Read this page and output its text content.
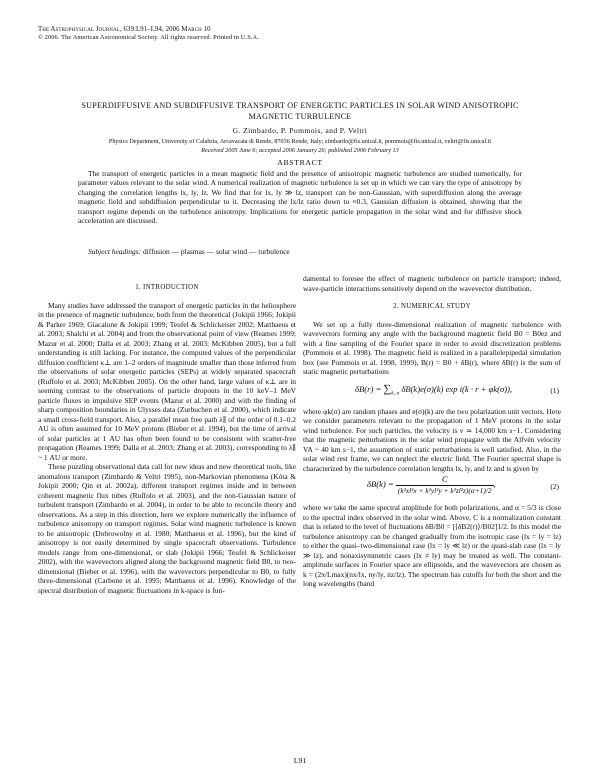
The Astrophysical Journal, 639:L91–L94, 2006 March 10
© 2006. The American Astronomical Society. All rights reserved. Printed in U.S.A.
SUPERDIFFUSIVE AND SUBDIFFUSIVE TRANSPORT OF ENERGETIC PARTICLES IN SOLAR WIND ANISOTROPIC
MAGNETIC TURBULENCE
G. Zimbardo, P. Pommois, and P. Veltri
Physics Department, University of Calabria, Arcavacata di Rende, 87036 Rende, Italy; zimbardo@fis.unical.it, pommois@fis.unical.it, veltri@fis.unical.it
Received 2005 June 6; accepted 2006 January 26; published 2006 February 13
ABSTRACT

The transport of energetic particles in a mean magnetic field and the presence of anisotropic magnetic turbulence are studied numerically, for parameter values relevant to the solar wind. A numerical realization of magnetic turbulence is set up in which we can vary the type of anisotropy by changing the correlation lengths lx, ly, lz. We find that for lx, ly ≫ lz, transport can be non-Gaussian, with superdiffusion along the average magnetic field and subdiffusion perpendicular to it. Decreasing the lx/lz ratio down to ≈0.3, Gaussian diffusion is obtained, showing that the transport regime depends on the turbulence anisotropy. Implications for energetic particle propagation in the solar wind and for diffusive shock acceleration are discussed.

Subject headings: diffusion — plasmas — solar wind — turbulence
1. INTRODUCTION

Many studies have addressed the transport of energetic particles in the heliosphere in the presence of magnetic turbulence, both from the theoretical (Jokipii 1966; Jokipii & Parker 1969; Giacalone & Jokipii 1999; Teufel & Schlickeiser 2002; Matthaeus et al. 2003; Shalchi et al. 2004) and from the observational point of view (Reames 1999; Mazur et al. 2000; Dalla et al. 2003; Zhang et al. 2003; McKibben 2005), but a full understanding is still lacking. For instance, the computed values of the perpendicular diffusion coefficient κ⊥ are 1–2 orders of magnitude smaller than those inferred from the observations of solar energetic particles (SEPs) at widely separated spacecraft (Ruffolo et al. 2003; McKibben 2005). On the other hand, large values of κ⊥ are in seeming contrast to the observations of particle dropouts in the 10 keV–1 MeV particle fluxes in impulsive SEP events (Mazur et al. 2000) and with the finding of sharp composition boundaries in Ulysses data (Zurbuchen et al. 2000), which indicate a small cross-field transport. Also, a parallel mean free path λ∥ of the order of 0.1–0.2 AU is often assumed for 10 MeV protons (Bieber et al. 1994), but the time of arrival of solar particles at 1 AU has often been found to be consistent with scatter-free propagation (Reames 1999; Dalla et al. 2003; Zhang et al. 2003), corresponding to λ∥ ~ 1 AU or more.

These puzzling observational data call for new ideas and new theoretical tools, like anomalous transport (Zimbardo & Veltri 1995), non-Markovian phenomena (Kóta & Jokipii 2000; Qin et al. 2002a), different transport regimes inside and in between coherent magnetic flux tubes (Ruffolo et al. 2003), and the non-Gaussian nature of turbulent transport (Zimbardo et al. 2004), in order to be able to reconcile theory and observations. As a step in this direction, here we explore numerically the influence of turbulence anisotropy on transport regimes. Solar wind magnetic turbulence is known to be anisotropic (Dobrowolny et al. 1980; Matthaeus et al. 1996), but the kind of anisotropy is not easily determined by single spacecraft observations. Turbulence models range from one-dimensional, or slab (Jokipii 1966; Teufel & Schlickeiser 2002), with the wavevectors aligned along the background magnetic field B0, to two-dimensional (Bieber et al. 1996), with the wavevectors perpendicular to B0, to fully three-dimensional (Carbone et al. 1995; Matthaeus et al. 1996). Knowledge of the spectral distribution of magnetic fluctuations in k-space is fun-

damental to foresee the effect of magnetic turbulence on particle transport; indeed, wave-particle interactions sensitively depend on the wavevector distribution.

2. NUMERICAL STUDY

We set up a fully three-dimensional realization of magnetic turbulence with wavevectors forming any angle with the background magnetic field B0 = B0ez and with a fine sampling of the Fourier space in order to avoid discretization problems (Pommois et al. 1998). The magnetic field is realized in a parallelepipedal simulation box (see Pommois et al. 1998, 1999), B(r) = B0 + δB(r), where δB(r) is the sum of static magnetic perturbations

$\delta B(r) = \sum_{k, \sigma}$ δB(k)e(σ)(k) exp i(k · r + φk(σ)),	(1)

where φk(σ) are random phases and e(σ)(k) are the two polarization unit vectors. Here we consider parameters relevant to the propagation of 1 MeV protons in the solar wind turbulence. For such particles, the velocity is v ≃ 14,000 km s−1. Considering that the magnetic perturbations in the solar wind propagate with the Alfvén velocity VA ~ 40 km s−1, the assumption of static perturbations is well satisfied. Also, in the solar wind rest frame, we can neglect the electric field. The Fourier spectral shape is characterized by the turbulence correlation lengths lx, ly, and lz and is given by

$\delta B(k) = \frac{C}{\text{(k²xl²x + k²yl²y + k²zl²z)(α+1)/2}}$ ,	(2)

where we take the same spectral amplitude for both polarizations, and α = 5/3 is close to the spectral index observed in the solar wind. Above, C is a normalization constant that is related to the level of fluctuations δB/B0 = [⟨δB2(r)⟩/B02]1/2. In this model the turbulence anisotropy can be changed gradually from the isotropic case (lx = ly = lz) to either the quasi–two-dimensional case (lx = ly ≪ lz) or the quasi-slab case (lx = ly ≫ lz), and nonaxisymmetric cases (lx ≠ ly) may be treated as well. The constant-amplitude surfaces in Fourier space are ellipsoids, and the wavevectors are chosen as k = (2π/Lmax)(nx/lx, ny/ly, nz/lz). The spectrum has cutoffs for both the short and the long wavelengths (band

L91
